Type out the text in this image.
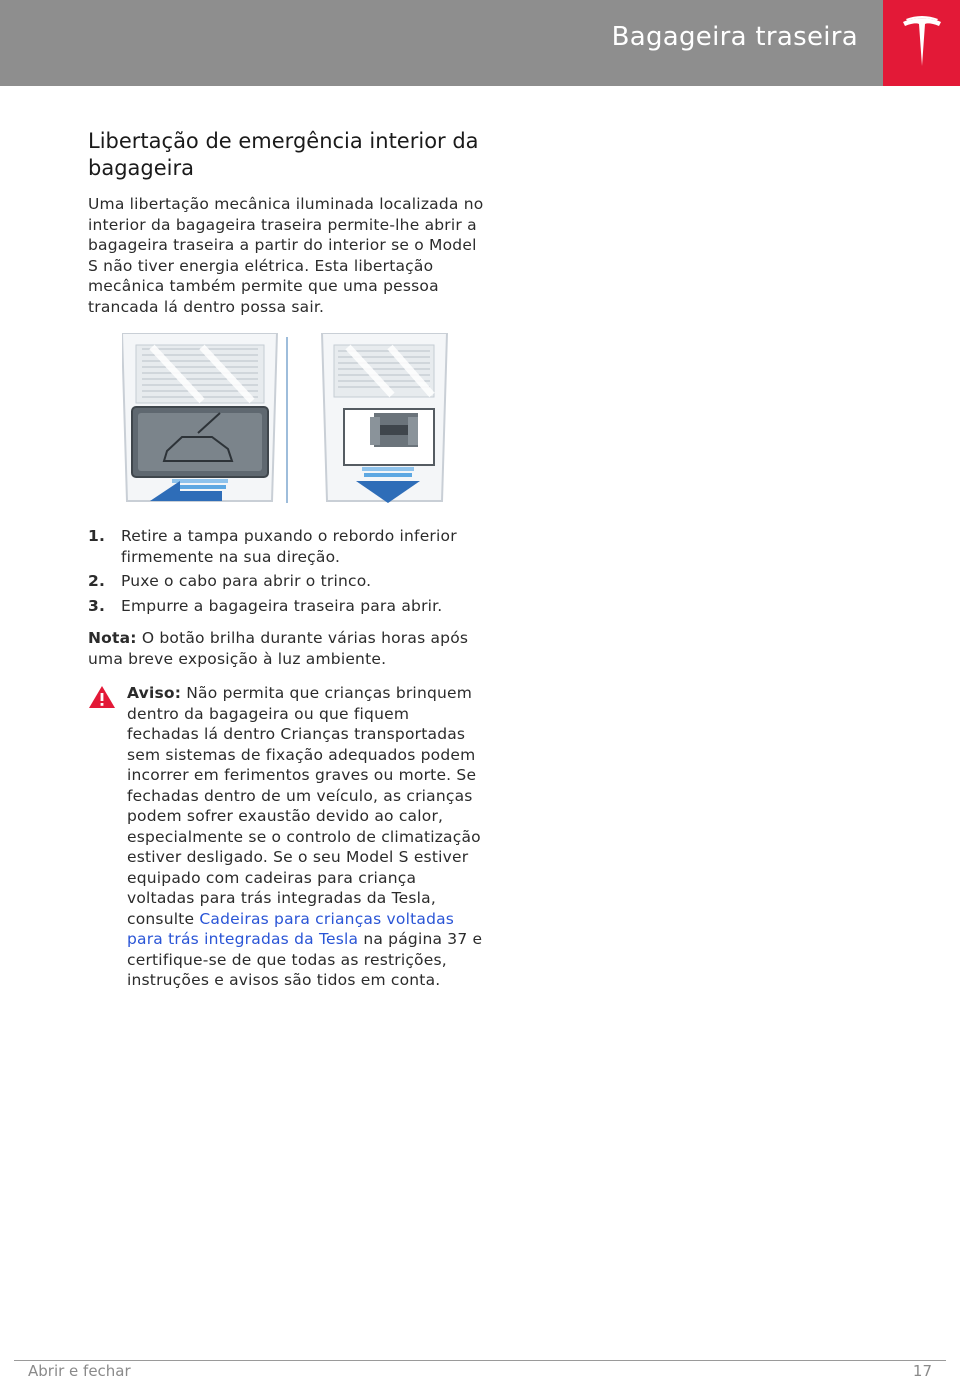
Bagageira traseira
Libertação de emergência interior da bagageira

Uma libertação mecânica iluminada localizada no interior da bagageira traseira permite-lhe abrir a bagageira traseira a partir do interior se o Model S não tiver energia elétrica. Esta libertação mecânica também permite que uma pessoa trancada lá dentro possa sair.

1. Retire a tampa puxando o rebordo inferior firmemente na sua direção.
2. Puxe o cabo para abrir o trinco.
3. Empurre a bagageira traseira para abrir.

Nota: O botão brilha durante várias horas após uma breve exposição à luz ambiente.

Aviso: Não permita que crianças brinquem dentro da bagageira ou que fiquem fechadas lá dentro Crianças transportadas sem sistemas de fixação adequados podem incorrer em ferimentos graves ou morte. Se fechadas dentro de um veículo, as crianças podem sofrer exaustão devido ao calor, especialmente se o controlo de climatização estiver desligado. Se o seu Model S estiver equipado com cadeiras para criança voltadas para trás integradas da Tesla, consulte Cadeiras para crianças voltadas para trás integradas da Tesla na página 37 e certifique-se de que todas as restrições, instruções e avisos são tidos em conta.
Abrir e fechar	17
